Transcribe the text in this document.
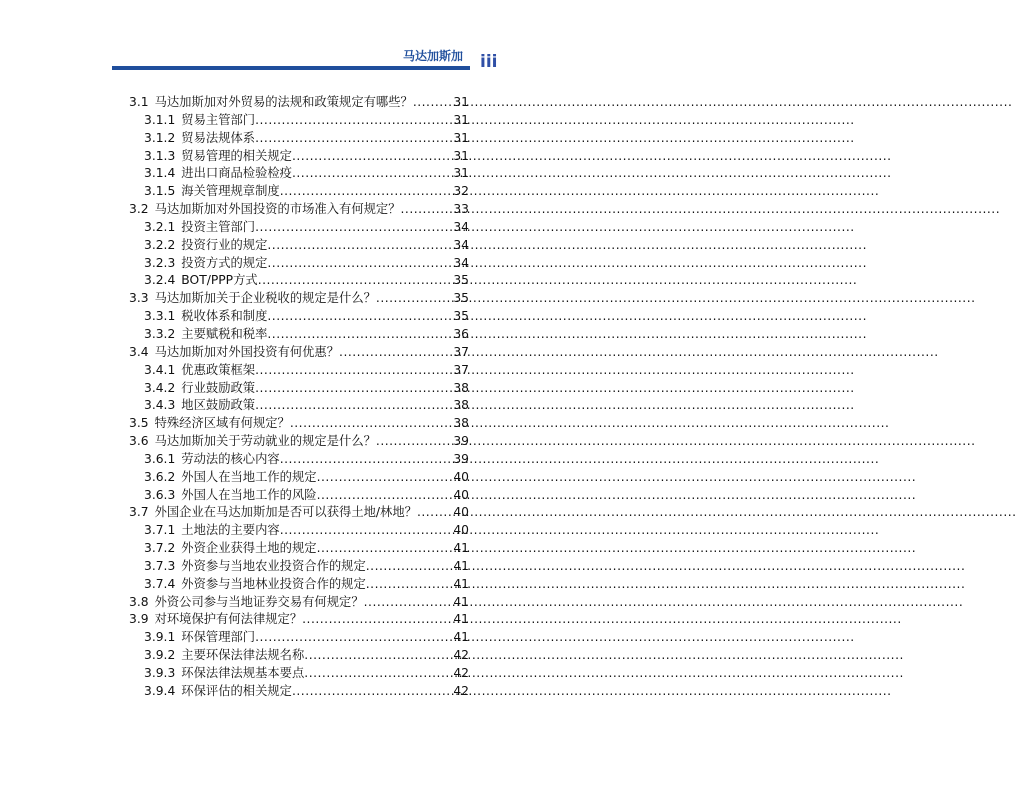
马达加斯加 iii
3.1 马达加斯加对外贸易的法规和政策规定有哪些？ .....	31
3.1.1 贸易主管部门 .....	31
3.1.2 贸易法规体系 .....	31
3.1.3 贸易管理的相关规定 .....	31
3.1.4 进出口商品检验检疫 .....	31
3.1.5 海关管理规章制度 .....	32
3.2 马达加斯加对外国投资的市场准入有何规定？ .....	33
3.2.1 投资主管部门 .....	34
3.2.2 投资行业的规定 .....	34
3.2.3 投资方式的规定 .....	34
3.2.4 BOT/PPP方式 .....	35
3.3 马达加斯加关于企业税收的规定是什么？ .....	35
3.3.1 税收体系和制度 .....	35
3.3.2 主要赋税和税率 .....	36
3.4 马达加斯加对外国投资有何优惠？ .....	37
3.4.1 优惠政策框架 .....	37
3.4.2 行业鼓励政策 .....	38
3.4.3 地区鼓励政策 .....	38
3.5 特殊经济区域有何规定？ .....	38
3.6 马达加斯加关于劳动就业的规定是什么？ .....	39
3.6.1 劳动法的核心内容 .....	39
3.6.2 外国人在当地工作的规定 .....	40
3.6.3 外国人在当地工作的风险 .....	40
3.7 外国企业在马达加斯加是否可以获得土地/林地？ .....	40
3.7.1 土地法的主要内容 .....	40
3.7.2 外资企业获得土地的规定 .....	41
3.7.3 外资参与当地农业投资合作的规定 .....	41
3.7.4 外资参与当地林业投资合作的规定 .....	41
3.8 外资公司参与当地证券交易有何规定？ .....	41
3.9 对环境保护有何法律规定？ .....	41
3.9.1 环保管理部门 .....	41
3.9.2 主要环保法律法规名称 .....	42
3.9.3 环保法律法规基本要点 .....	42
3.9.4 环保评估的相关规定 .....	42
